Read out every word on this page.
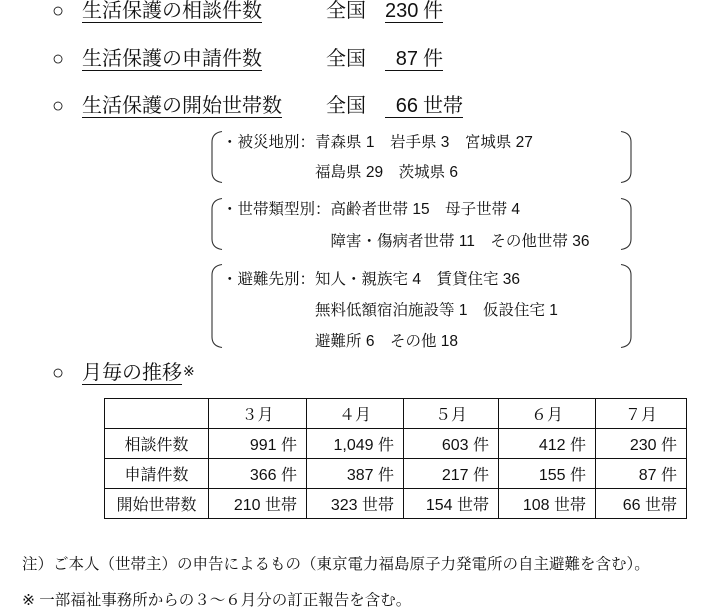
○ 生活保護の相談件数	全国 230 件
○ 生活保護の申請件数	全国	87 件
○ 生活保護の開始世帯数 全国	66 世帯
・被災地別： 青森県 1　岩手県 3　宮城県 27
福島県 29　茨城県 6
・世帯類型別： 高齢者世帯 15　母子世帯 4
障害・傷病者世帯 11　その他世帯 36
・避難先別： 知人・親族宅 4　賃貸住宅 36
無料低額宿泊施設等 1　仮設住宅 1
避難所 6　その他 18
○ 月毎の推移 ※
	３月	４月	５月	６月	７月
相談件数	991 件	1,049 件	603 件	412 件	230 件
申請件数	366 件	387 件	217 件	155 件	87 件
開始世帯数	210 世帯	323 世帯	154 世帯	108 世帯	66 世帯
注）ご本人（世帯主）の申告によるもの（東京電力福島原子力発電所の自主避難を含む）。
※ 一部福祉事務所からの３～６月分の訂正報告を含む。
